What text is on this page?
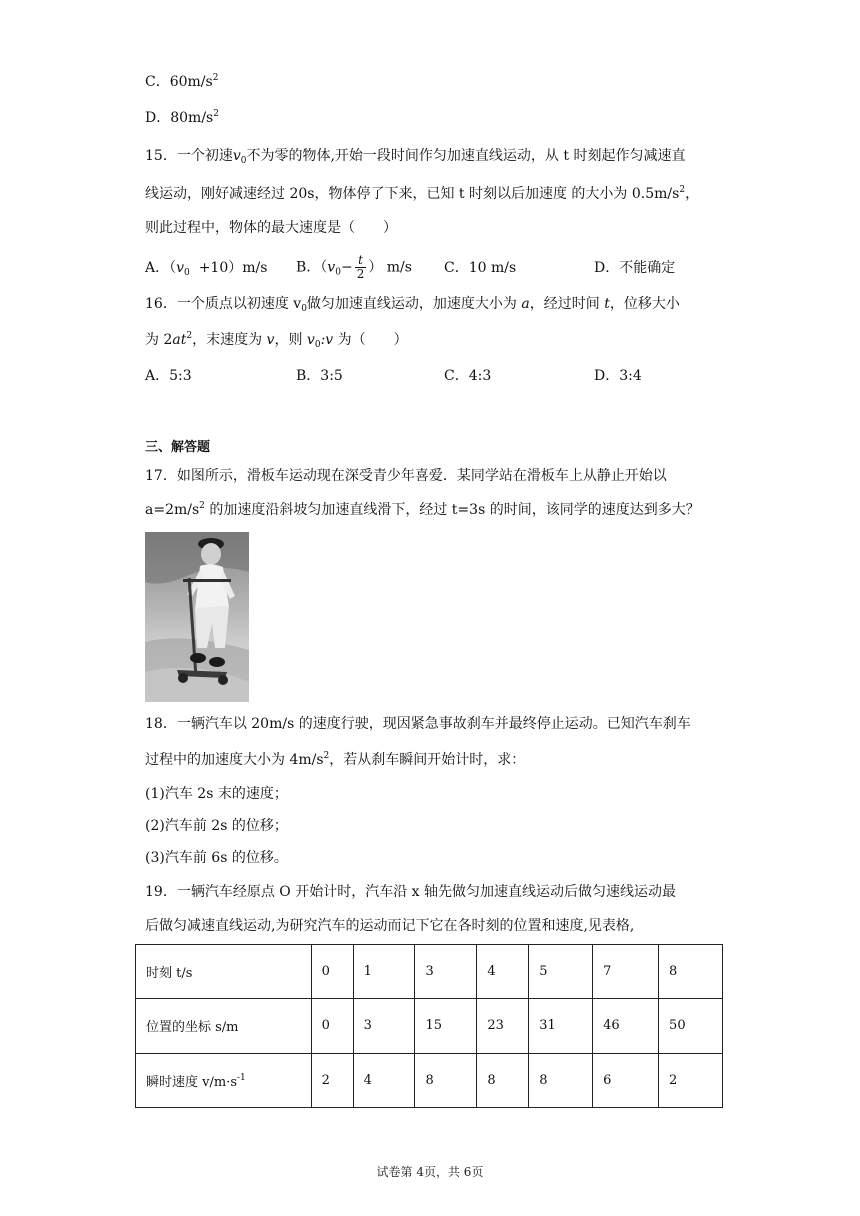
C．$60m/s^2$
D．$80m/s^2$
15．一个初速$v_0$不为零的物体,开始一段时间作匀加速直线运动，从 t 时刻起作匀减速直
线运动，刚好减速经过 20s，物体停了下来，已知 t 时刻以后加速度 的大小为 $0.5m/s^2$，
则此过程中，物体的最大速度是（　　）
A．$(v_0 +10)m/s$ B．（$v_0- \frac{t}{2}$ ） m/s C．10 m/s	D．不能确定
16．一个质点以初速度 $v_0$做匀加速直线运动，加速度大小为 a，经过时间 t，位移大小
为 $2at^2$，末速度为 v，则 $v_0:v$ 为（　　）
A．5:3	B．3:5	C．4:3	D．3:4
三、解答题
17．如图所示，滑板车运动现在深受青少年喜爱．某同学站在滑板车上从静止开始以
$a=2m/s^2$ 的加速度沿斜坡匀加速直线滑下，经过 t=3s 的时间，该同学的速度达到多大？
18．一辆汽车以 20m/s 的速度行驶，现因紧急事故刹车并最终停止运动。已知汽车刹车
过程中的加速度大小为 $4m/s^2$，若从刹车瞬间开始计时，求：
(1)汽车 2s 末的速度；
(2)汽车前 2s 的位移；
(3)汽车前 6s 的位移。
19．一辆汽车经原点 O 开始计时，汽车沿 x 轴先做匀加速直线运动后做匀速线运动最
后做匀减速直线运动,为研究汽车的运动而记下它在各时刻的位置和速度,见表格,
时刻 t/s	0	1	3	4	5	7	8
位置的坐标 s/m	0	3	15	23	31	46	50
瞬时速度 $v/m\cdot s^{-1}$	2	4	8	8	8	6	2
试卷第 4页，共 6页
